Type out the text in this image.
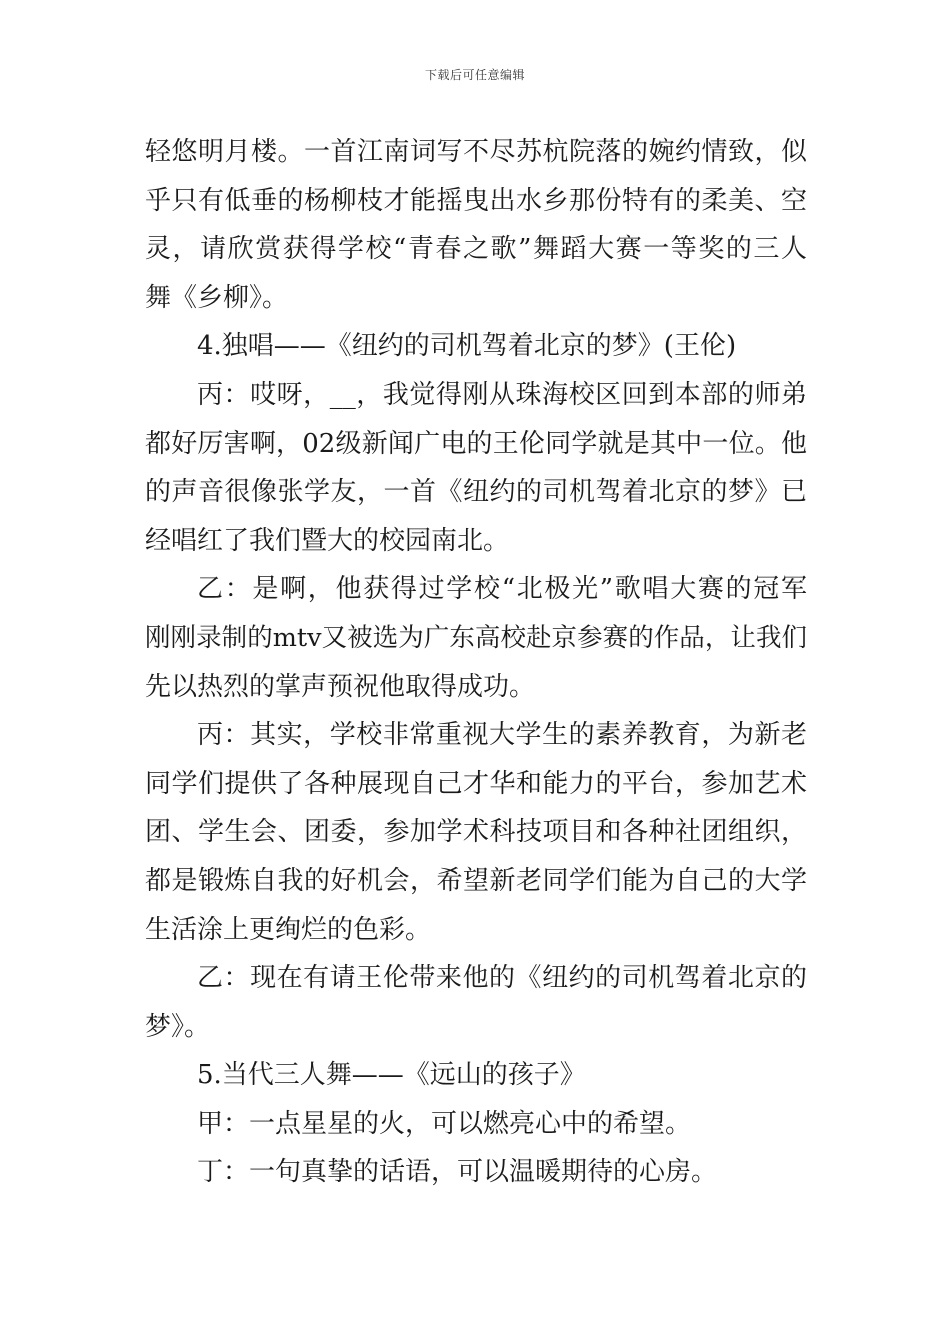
下载后可任意编辑
轻悠明月楼。一首江南词写不尽苏杭院落的婉约情致，似
乎只有低垂的杨柳枝才能摇曳出水乡那份特有的柔美、空
灵，请欣赏获得学校“青春之歌”舞蹈大赛一等奖的三人
舞《乡柳》。
4.独唱——《纽约的司机驾着北京的梦》(王伦)
丙：哎呀，__，我觉得刚从珠海校区回到本部的师弟
都好厉害啊，02级新闻广电的王伦同学就是其中一位。他
的声音很像张学友，一首《纽约的司机驾着北京的梦》已
经唱红了我们暨大的校园南北。
乙：是啊，他获得过学校“北极光”歌唱大赛的冠军
刚刚录制的mtv又被选为广东高校赴京参赛的作品，让我们
先以热烈的掌声预祝他取得成功。
丙：其实，学校非常重视大学生的素养教育，为新老
同学们提供了各种展现自己才华和能力的平台，参加艺术
团、学生会、团委，参加学术科技项目和各种社团组织，
都是锻炼自我的好机会，希望新老同学们能为自己的大学
生活涂上更绚烂的色彩。
乙：现在有请王伦带来他的《纽约的司机驾着北京的
梦》。
5.当代三人舞——《远山的孩子》
甲：一点星星的火，可以燃亮心中的希望。
丁：一句真挚的话语，可以温暖期待的心房。
